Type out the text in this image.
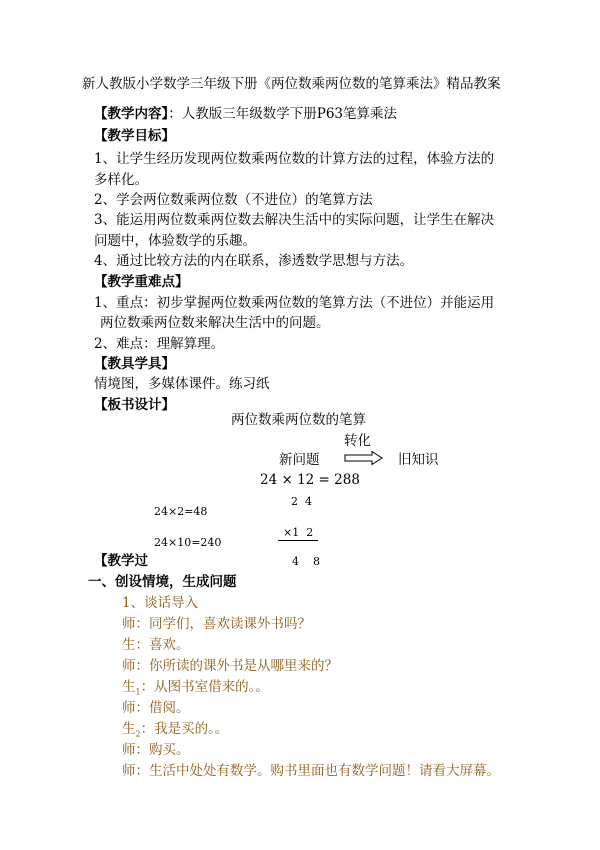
新人教版小学数学三年级下册《两位数乘两位数的笔算乘法》精品教案
【教学内容】：人教版三年级数学下册P63笔算乘法
【教学目标】
1、让学生经历发现两位数乘两位数的计算方法的过程，体验方法的
多样化。
2、学会两位数乘两位数（不进位）的笔算方法
3、能运用两位数乘两位数去解决生活中的实际问题，让学生在解决
问题中，体验数学的乐趣。
4、通过比较方法的内在联系，渗透数学思想与方法。
【教学重难点】
1、重点：初步掌握两位数乘两位数的笔算方法（不进位）并能运用
两位数乘两位数来解决生活中的问题。
2、难点：理解算理。
【教具学具】
情境图，多媒体课件。练习纸
【板书设计】
两位数乘两位数的笔算
转化
新问题	旧知识
24 × 12 = 288
2  4
24×2=48
×1  2
24×10=240
4    8
【教学过
一、创设情境，生成问题
1、谈话导入
师：同学们，喜欢读课外书吗？
生：喜欢。
师：你所读的课外书是从哪里来的？
生$_1$：从图书室借来的。。
师：借阅。
生$_2$：我是买的。。
师：购买。
师：生活中处处有数学。购书里面也有数学问题！请看大屏幕。
